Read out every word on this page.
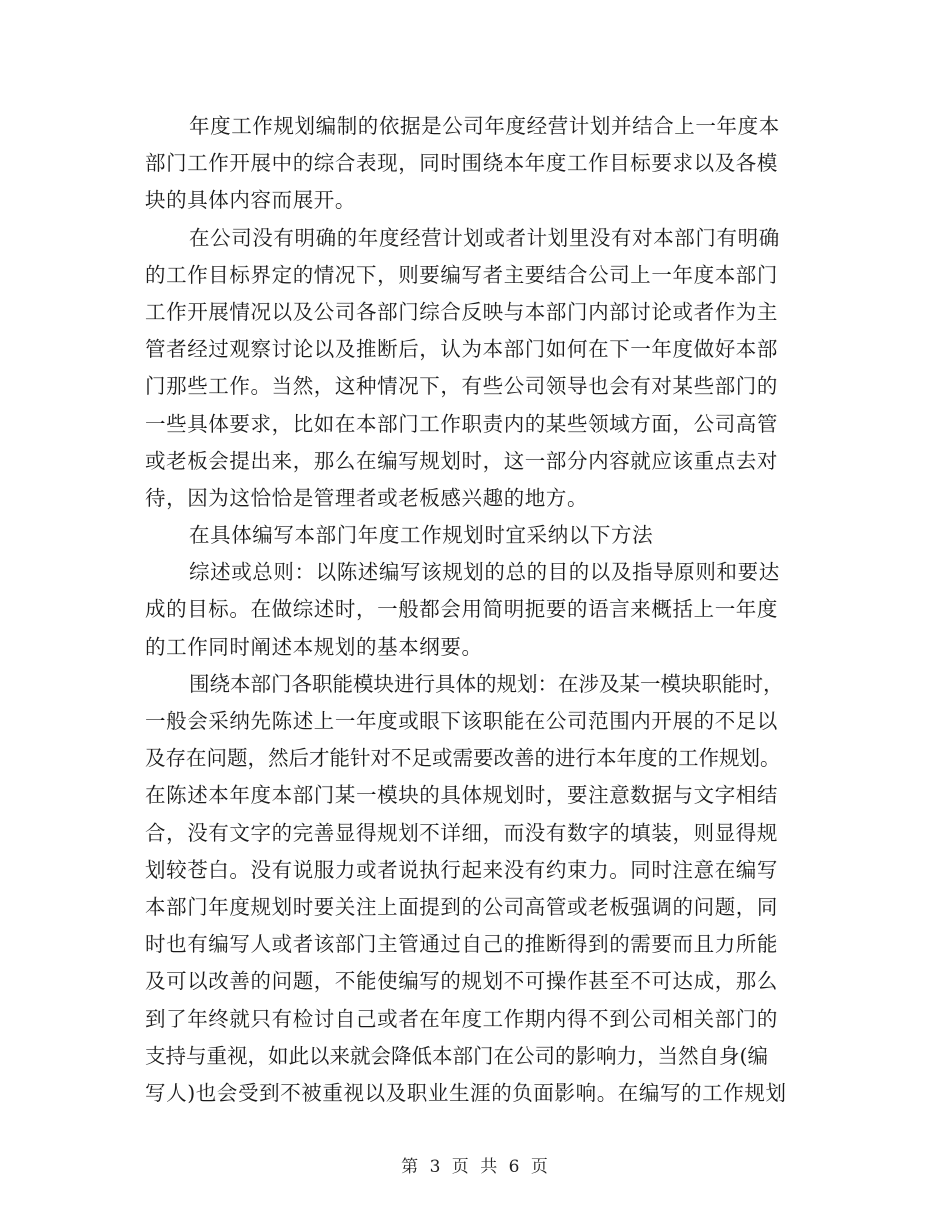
年度工作规划编制的依据是公司年度经营计划并结合上一年度本
部门工作开展中的综合表现，同时围绕本年度工作目标要求以及各模
块的具体内容而展开。
在公司没有明确的年度经营计划或者计划里没有对本部门有明确
的工作目标界定的情况下，则要编写者主要结合公司上一年度本部门
工作开展情况以及公司各部门综合反映与本部门内部讨论或者作为主
管者经过观察讨论以及推断后，认为本部门如何在下一年度做好本部
门那些工作。当然，这种情况下，有些公司领导也会有对某些部门的
一些具体要求，比如在本部门工作职责内的某些领域方面，公司高管
或老板会提出来，那么在编写规划时，这一部分内容就应该重点去对
待，因为这恰恰是管理者或老板感兴趣的地方。
在具体编写本部门年度工作规划时宜采纳以下方法
综述或总则：以陈述编写该规划的总的目的以及指导原则和要达
成的目标。在做综述时，一般都会用简明扼要的语言来概括上一年度
的工作同时阐述本规划的基本纲要。
围绕本部门各职能模块进行具体的规划：在涉及某一模块职能时，
一般会采纳先陈述上一年度或眼下该职能在公司范围内开展的不足以
及存在问题，然后才能针对不足或需要改善的进行本年度的工作规划。
在陈述本年度本部门某一模块的具体规划时，要注意数据与文字相结
合，没有文字的完善显得规划不详细，而没有数字的填装，则显得规
划较苍白。没有说服力或者说执行起来没有约束力。同时注意在编写
本部门年度规划时要关注上面提到的公司高管或老板强调的问题，同
时也有编写人或者该部门主管通过自己的推断得到的需要而且力所能
及可以改善的问题，不能使编写的规划不可操作甚至不可达成，那么
到了年终就只有检讨自己或者在年度工作期内得不到公司相关部门的
支持与重视，如此以来就会降低本部门在公司的影响力，当然自身(编
写人)也会受到不被重视以及职业生涯的负面影响。在编写的工作规划
第 3 页 共 6 页
